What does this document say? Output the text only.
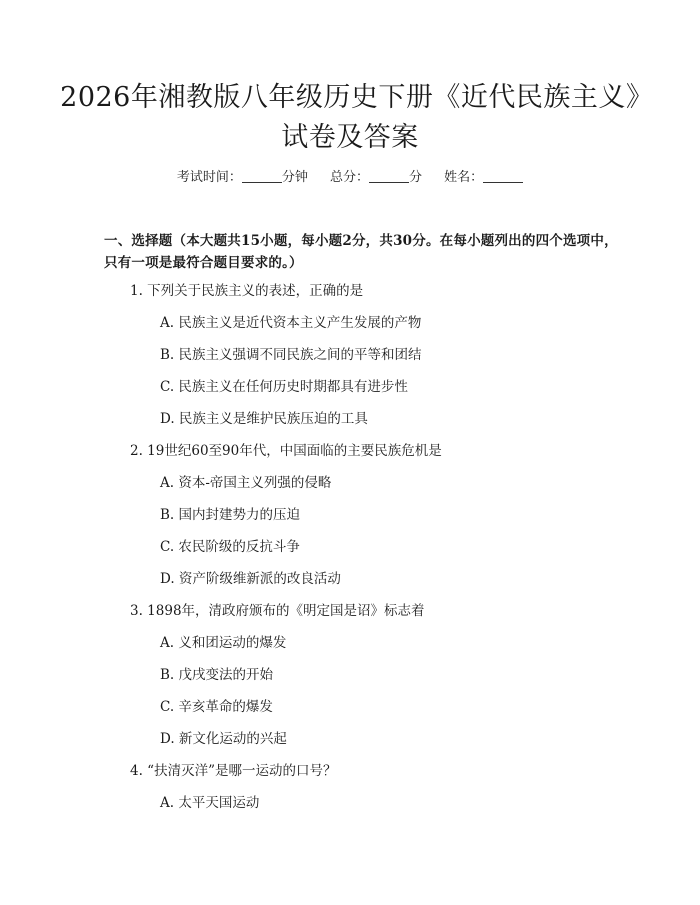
2026年湘教版八年级历史下册《近代民族主义》试卷及答案
考试时间：	分钟 总分：	分 姓名：
一、选择题（本大题共15小题，每小题2分，共30分。在每小题列出的四个选项中，只有一项是最符合题目要求的。）
1. 下列关于民族主义的表述，正确的是
A. 民族主义是近代资本主义产生发展的产物
B. 民族主义强调不同民族之间的平等和团结
C. 民族主义在任何历史时期都具有进步性
D. 民族主义是维护民族压迫的工具
2. 19世纪60至90年代，中国面临的主要民族危机是
A. 资本-帝国主义列强的侵略
B. 国内封建势力的压迫
C. 农民阶级的反抗斗争
D. 资产阶级维新派的改良活动
3. 1898年，清政府颁布的《明定国是诏》标志着
A. 义和团运动的爆发
B. 戊戌变法的开始
C. 辛亥革命的爆发
D. 新文化运动的兴起
4. “扶清灭洋”是哪一运动的口号？
A. 太平天国运动
